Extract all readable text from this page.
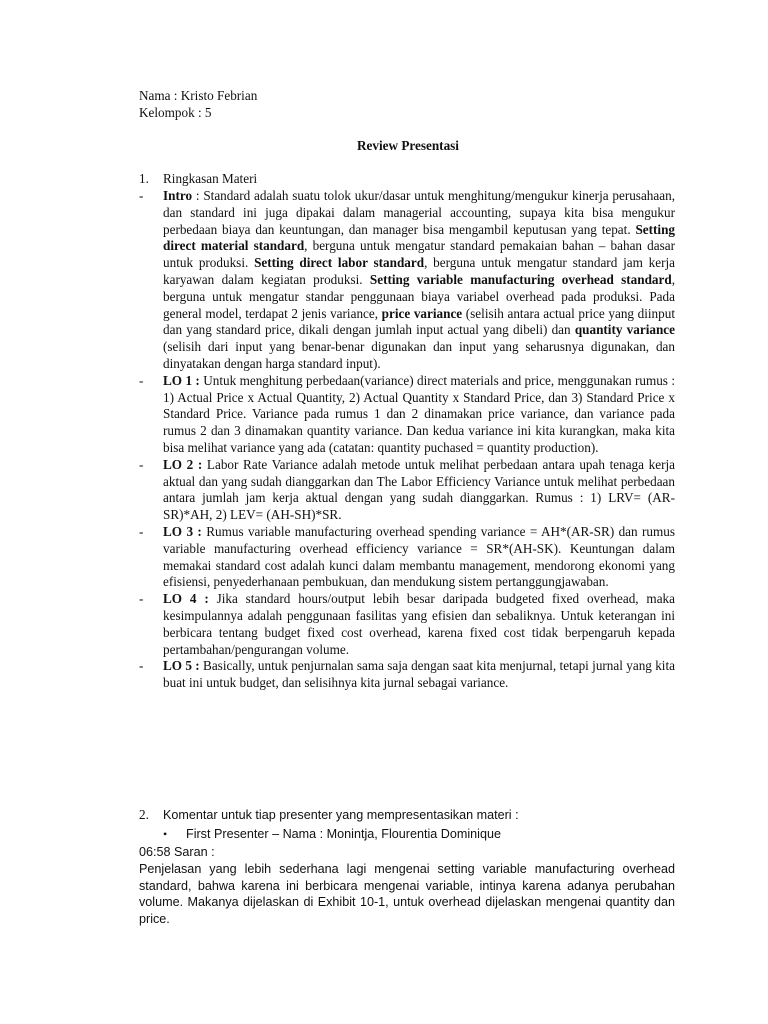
Nama : Kristo Febrian
Kelompok : 5
Review Presentasi
1.	Ringkasan Materi
-	Intro : Standard adalah suatu tolok ukur/dasar untuk menghitung/mengukur kinerja perusahaan, dan standard ini juga dipakai dalam managerial accounting, supaya kita bisa mengukur perbedaan biaya dan keuntungan, dan manager bisa mengambil keputusan yang tepat. Setting direct material standard, berguna untuk mengatur standard pemakaian bahan – bahan dasar untuk produksi. Setting direct labor standard, berguna untuk mengatur standard jam kerja karyawan dalam kegiatan produksi. Setting variable manufacturing overhead standard, berguna untuk mengatur standar penggunaan biaya variabel overhead pada produksi. Pada general model, terdapat 2 jenis variance, price variance (selisih antara actual price yang diinput dan yang standard price, dikali dengan jumlah input actual yang dibeli) dan quantity variance (selisih dari input yang benar-benar digunakan dan input yang seharusnya digunakan, dan dinyatakan dengan harga standard input).
-	LO 1 : Untuk menghitung perbedaan(variance) direct materials and price, menggunakan rumus : 1) Actual Price x Actual Quantity, 2) Actual Quantity x Standard Price, dan 3) Standard Price x Standard Price. Variance pada rumus 1 dan 2 dinamakan price variance, dan variance pada rumus 2 dan 3 dinamakan quantity variance. Dan kedua variance ini kita kurangkan, maka kita bisa melihat variance yang ada (catatan: quantity puchased = quantity production).
-	LO 2 : Labor Rate Variance adalah metode untuk melihat perbedaan antara upah tenaga kerja aktual dan yang sudah dianggarkan dan The Labor Efficiency Variance untuk melihat perbedaan antara jumlah jam kerja aktual dengan yang sudah dianggarkan. Rumus : 1) LRV= (AR-SR)*AH, 2) LEV= (AH-SH)*SR.
-	LO 3 : Rumus variable manufacturing overhead spending variance = AH*(AR-SR) dan rumus variable manufacturing overhead efficiency variance = SR*(AH-SK). Keuntungan dalam memakai standard cost adalah kunci dalam membantu management, mendorong ekonomi yang efisiensi, penyederhanaan pembukuan, dan mendukung sistem pertanggungjawaban.
-	LO 4 : Jika standard hours/output lebih besar daripada budgeted fixed overhead, maka kesimpulannya adalah penggunaan fasilitas yang efisien dan sebaliknya. Untuk keterangan ini berbicara tentang budget fixed cost overhead, karena fixed cost tidak berpengaruh kepada pertambahan/pengurangan volume.
-	LO 5 : Basically, untuk penjurnalan sama saja dengan saat kita menjurnal, tetapi jurnal yang kita buat ini untuk budget, dan selisihnya kita jurnal sebagai variance.
2.	Komentar untuk tiap presenter yang mempresentasikan materi :
•	First Presenter – Nama : Monintja, Flourentia Dominique
06:58 Saran :
Penjelasan yang lebih sederhana lagi mengenai setting variable manufacturing overhead standard, bahwa karena ini berbicara mengenai variable, intinya karena adanya perubahan volume. Makanya dijelaskan di Exhibit 10-1, untuk overhead dijelaskan mengenai quantity dan price.
